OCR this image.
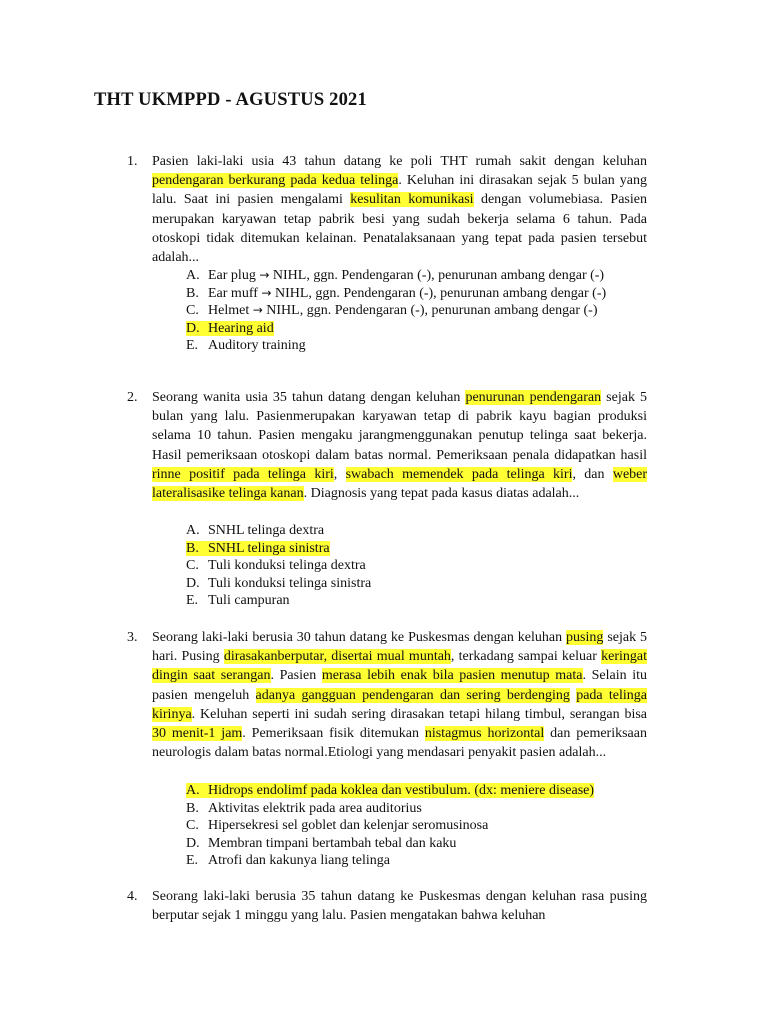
THT UKMPPD - AGUSTUS 2021
1. Pasien laki-laki usia 43 tahun datang ke poli THT rumah sakit dengan keluhan pendengaran berkurang pada kedua telinga. Keluhan ini dirasakan sejak 5 bulan yang lalu. Saat ini pasien mengalami kesulitan komunikasi dengan volumebiasa. Pasien merupakan karyawan tetap pabrik besi yang sudah bekerja selama 6 tahun. Pada otoskopi tidak ditemukan kelainan. Penatalaksanaan yang tepat pada pasien tersebut adalah...
A. Ear plug → NIHL, ggn. Pendengaran (-), penurunan ambang dengar (-)
B. Ear muff → NIHL, ggn. Pendengaran (-), penurunan ambang dengar (-)
C. Helmet → NIHL, ggn. Pendengaran (-), penurunan ambang dengar (-)
D. Hearing aid
E. Auditory training
2. Seorang wanita usia 35 tahun datang dengan keluhan penurunan pendengaran sejak 5 bulan yang lalu. Pasienmerupakan karyawan tetap di pabrik kayu bagian produksi selama 10 tahun. Pasien mengaku jarangmenggunakan penutup telinga saat bekerja. Hasil pemeriksaan otoskopi dalam batas normal. Pemeriksaan penala didapatkan hasil rinne positif pada telinga kiri, swabach memendek pada telinga kiri, dan weber lateralisasike telinga kanan. Diagnosis yang tepat pada kasus diatas adalah...
A. SNHL telinga dextra
B. SNHL telinga sinistra
C. Tuli konduksi telinga dextra
D. Tuli konduksi telinga sinistra
E. Tuli campuran
3. Seorang laki-laki berusia 30 tahun datang ke Puskesmas dengan keluhan pusing sejak 5 hari. Pusing dirasakanberputar, disertai mual muntah, terkadang sampai keluar keringat dingin saat serangan. Pasien merasa lebih enak bila pasien menutup mata. Selain itu pasien mengeluh adanya gangguan pendengaran dan sering berdenging pada telinga kirinya. Keluhan seperti ini sudah sering dirasakan tetapi hilang timbul, serangan bisa 30 menit-1 jam. Pemeriksaan fisik ditemukan nistagmus horizontal dan pemeriksaan neurologis dalam batas normal.Etiologi yang mendasari penyakit pasien adalah...
A. Hidrops endolimf pada koklea dan vestibulum. (dx: meniere disease)
B. Aktivitas elektrik pada area auditorius
C. Hipersekresi sel goblet dan kelenjar seromusinosa
D. Membran timpani bertambah tebal dan kaku
E. Atrofi dan kakunya liang telinga
4. Seorang laki-laki berusia 35 tahun datang ke Puskesmas dengan keluhan rasa pusing berputar sejak 1 minggu yang lalu. Pasien mengatakan bahwa keluhan
